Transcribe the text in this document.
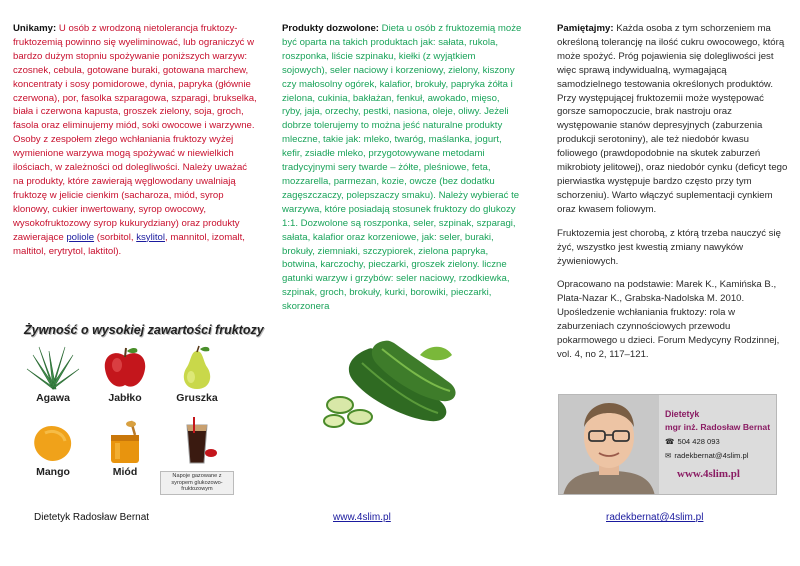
Unikamy: U osób z wrodzoną nietolerancja fruktozy- fruktozemią powinno się wyeliminować, lub ograniczyć w bardzo dużym stopniu spożywanie poniższych warzyw: czosnek, cebula, gotowane buraki, gotowana marchew, koncentraty i sosy pomidorowe, dynia, papryka (głównie czerwona), por, fasolka szparagowa, szparagi, brukselka, biała i czerwona kapusta, groszek zielony, soja, groch, fasola oraz eliminujemy miód, soki owocowe i warzywne. Osoby z zespołem złego wchłaniania fruktozy wyżej wymienione warzywa mogą spożywać w niewielkich ilościach, w zależności od dolegliwości. Należy uważać na produkty, które zawierają węglowodany uwalniają fruktozę w jelicie cienkim (sacharoza, miód, syrop klonowy, cukier inwertowany, syrop owocowy, wysokofruktozowy syrop kukurydziany) oraz produkty zawierające poliole (sorbitol, ksylitol, mannitol, izomalt, maltitol, erytrytol, laktitol).

Produkty dozwolone: Dieta u osób z fruktozemią może być oparta na takich produktach jak: sałata, rukola, roszponka, liście szpinaku, kiełki (z wyjątkiem sojowych), seler naciowy i korzeniowy, zielony, kiszony czy małosolny ogórek, kalafior, brokuły, papryka żółta i zielona, cukinia, bakłażan, fenkuł, awokado, mięso, ryby, jaja, orzechy, pestki, nasiona, oleje, oliwy. Jeżeli dobrze tolerujemy to można jeść naturalne produkty mleczne, takie jak: mleko, twaróg, maślanka, jogurt, kefir, zsiadłe mleko, przygotowywane metodami tradycyjnymi sery twarde – żółte, pleśniowe, feta, mozzarella, parmezan, kozie, owcze (bez dodatku zagęszczaczy, polepszaczy smaku). Należy wybierać te warzywa, które posiadają stosunek fruktozy do glukozy 1:1. Dozwolone są roszponka, seler, szpinak, szparagi, sałata, kalafior oraz korzeniowe, jak: seler, buraki, brokuły, ziemniaki, szczypiorek, zielona papryka, botwina, karczochy, pieczarki, groszek zielony. liczne gatunki warzyw i grzybów: seler naciowy, rzodkiewka, szpinak, groch, brokuły, kurki, borowiki, pieczarki, skorzonera

Pamiętajmy: Każda osoba z tym schorzeniem ma określoną tolerancję na ilość cukru owocowego, którą może spożyć. Próg pojawienia się dolegliwości jest więc sprawą indywidualną, wymagającą samodzielnego testowania określonych produktów. Przy występującej fruktozemii może występować gorsze samopoczucie, brak nastroju oraz występowanie stanów depresyjnych (zaburzenia produkcji serotoniny), ale też niedobór kwasu foliowego (prawdopodobnie na skutek zaburzeń mikrobioty jelitowej), oraz niedobór cynku (deficyt tego pierwiastka występuje bardzo często przy tym schorzeniu). Warto włączyć suplementacji cynkiem oraz kwasem foliowym.

Fruktozemia jest chorobą, z którą trzeba nauczyć się żyć, wszystko jest kwestią zmiany nawyków żywieniowych.

Opracowano na podstawie: Marek K., Kamińska B., Plata-Nazar K., Grabska-Nadolska M. 2010. Upośledzenie wchłaniania fruktozy: rola w zaburzeniach czynnościowych przewodu pokarmowego u dzieci. Forum Medycyny Rodzinnej, vol. 4, no 2, 117–121.

Żywność o wysokiej zawartości fruktozy
Agawa	Jabłko	Gruszka
Mango	Miód	Napoje gazowane z syropem glukozowo-fruktozowym
Dietetyk
mgr inż. Radosław Bernat
☎ 504 428 093
✉ radekbernat@4slim.pl
www.4slim.pl
Dietetyk Radosław Bernat	www.4slim.pl	radekbernat@4slim.pl
